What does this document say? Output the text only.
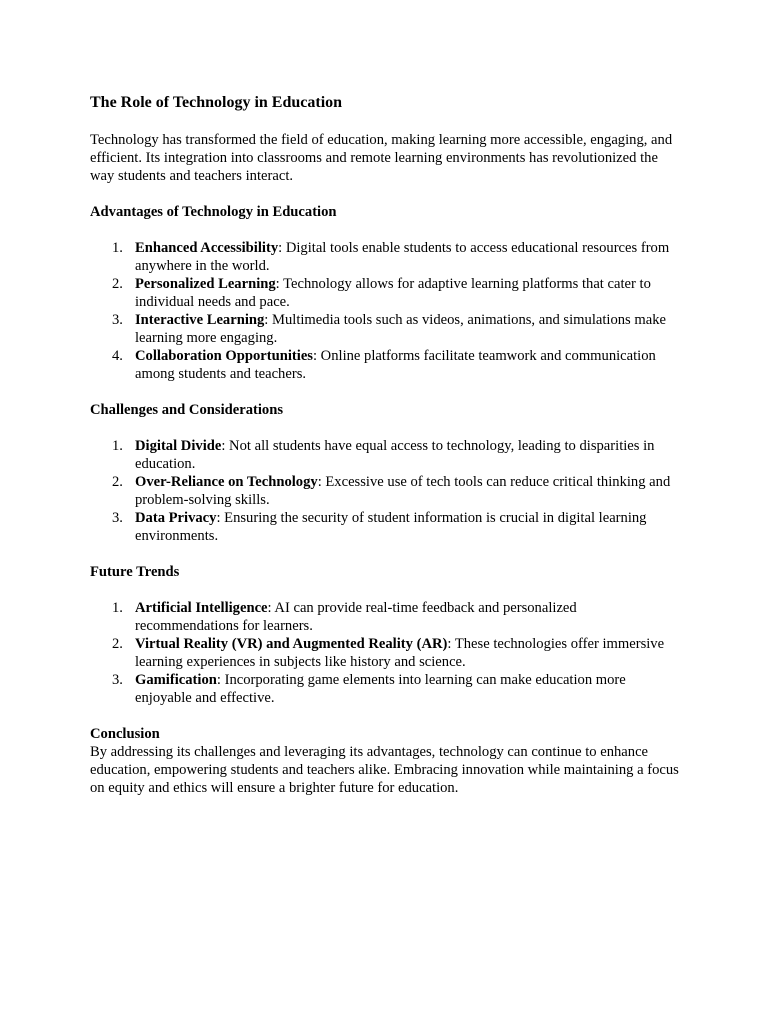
The Role of Technology in Education

Technology has transformed the field of education, making learning more accessible, engaging, and efficient. Its integration into classrooms and remote learning environments has revolutionized the way students and teachers interact.

Advantages of Technology in Education
1. Enhanced Accessibility: Digital tools enable students to access educational resources from anywhere in the world.
2. Personalized Learning: Technology allows for adaptive learning platforms that cater to individual needs and pace.
3. Interactive Learning: Multimedia tools such as videos, animations, and simulations make learning more engaging.
4. Collaboration Opportunities: Online platforms facilitate teamwork and communication among students and teachers.
Challenges and Considerations
1. Digital Divide: Not all students have equal access to technology, leading to disparities in education.
2. Over-Reliance on Technology: Excessive use of tech tools can reduce critical thinking and problem-solving skills.
3. Data Privacy: Ensuring the security of student information is crucial in digital learning environments.
Future Trends
1. Artificial Intelligence: AI can provide real-time feedback and personalized recommendations for learners.
2. Virtual Reality (VR) and Augmented Reality (AR): These technologies offer immersive learning experiences in subjects like history and science.
3. Gamification: Incorporating game elements into learning can make education more enjoyable and effective.
Conclusion

By addressing its challenges and leveraging its advantages, technology can continue to enhance education, empowering students and teachers alike. Embracing innovation while maintaining a focus on equity and ethics will ensure a brighter future for education.
